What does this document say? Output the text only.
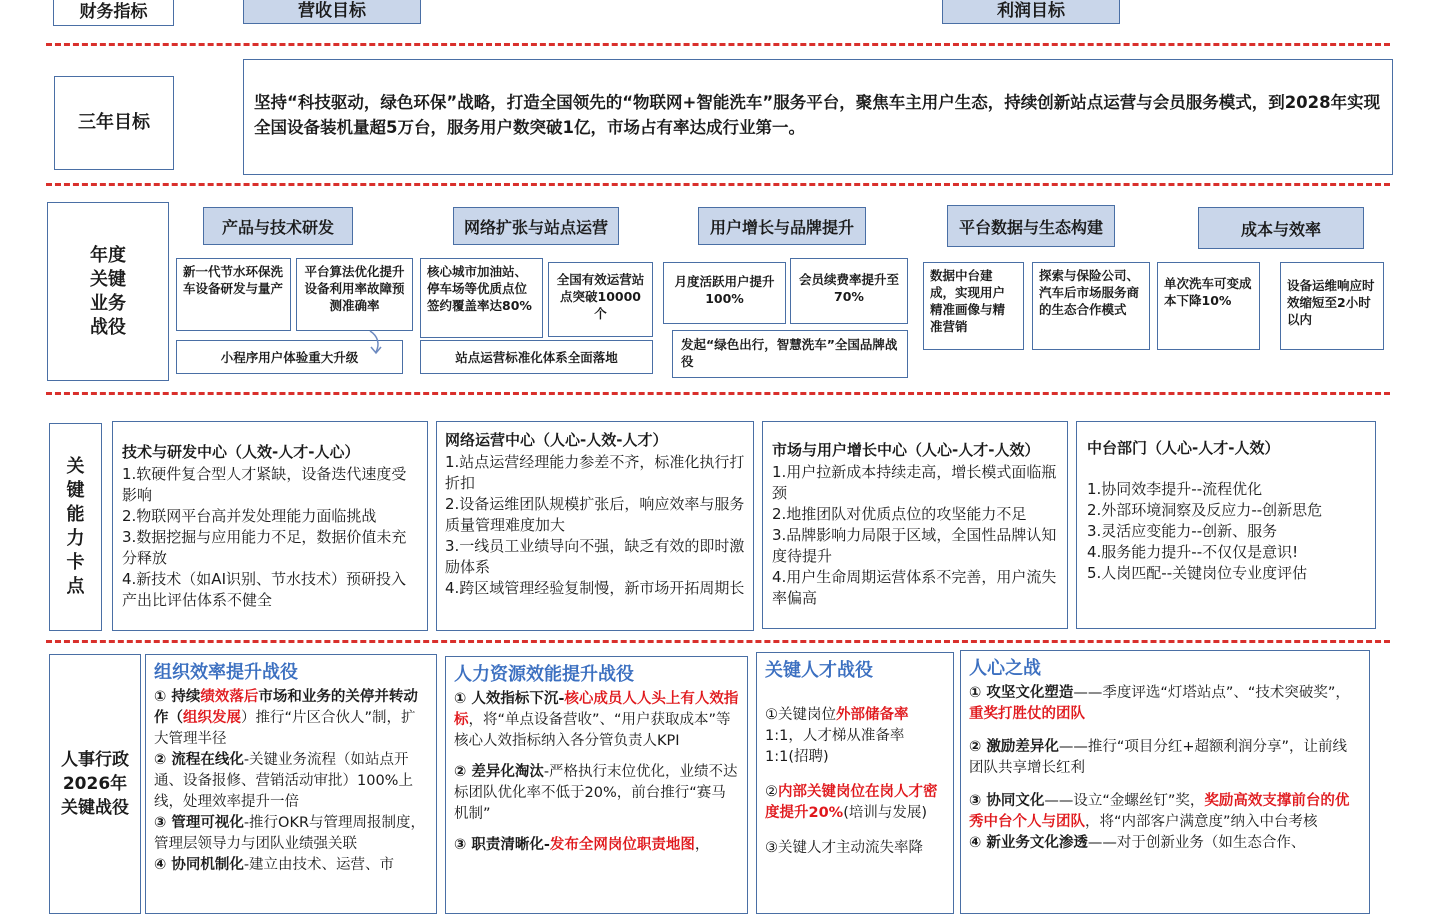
财务指标	营收目标	利润目标
三年目标
坚持“科技驱动，绿色环保”战略，打造全国领先的“物联网+智能洗车”服务平台，聚焦车主用户生态，持续创新站点运营与会员服务模式，到2028年实现全国设备装机量超5万台，服务用户数突破1亿，市场占有率达成行业第一。
年度
关键
业务
战役
产品与技术研发
新一代节水环保洗车设备研发与量产
平台算法优化提升设备利用率故障预测准确率
小程序用户体验重大升级
网络扩张与站点运营
核心城市加油站、停车场等优质点位签约覆盖率达80%
全国有效运营站点突破10000个
站点运营标准化体系全面落地
用户增长与品牌提升
月度活跃用户提升100%
会员续费率提升至70%
发起“绿色出行，智慧洗车”全国品牌战役
平台数据与生态构建
数据中台建成，实现用户精准画像与精准营销
探索与保险公司、汽车后市场服务商的生态合作模式
成本与效率
单次洗车可变成本下降10%
设备运维响应时效缩短至2小时以内
关
键
能
力
卡
点
技术与研发中心（人效-人才-人心）
1.软硬件复合型人才紧缺，设备迭代速度受影响
2.物联网平台高并发处理能力面临挑战
3.数据挖掘与应用能力不足，数据价值未充分释放
4.新技术（如AI识别、节水技术）预研投入产出比评估体系不健全
网络运营中心（人心-人效-人才）
1.站点运营经理能力参差不齐，标准化执行打折扣
2.设备运维团队规模扩张后，响应效率与服务质量管理难度加大
3.一线员工业绩导向不强，缺乏有效的即时激励体系
4.跨区域管理经验复制慢，新市场开拓周期长
市场与用户增长中心（人心-人才-人效）
1.用户拉新成本持续走高，增长模式面临瓶颈
2.地推团队对优质点位的攻坚能力不足
3.品牌影响力局限于区域，全国性品牌认知度待提升
4.用户生命周期运营体系不完善，用户流失率偏高
中台部门（人心-人才-人效）
1.协同效李提升--流程优化
2.外部环境洞察及反应力--创新思危
3.灵活应变能力--创新、服务
4.服务能力提升--不仅仅是意识!
5.人岗匹配--关键岗位专业度评估
人事行政
2026年
关键战役
组织效率提升战役
① 持续绩效落后市场和业务的关停并转动作（组织发展）推行“片区合伙人”制，扩大管理半径
② 流程在线化-关键业务流程（如站点开通、设备报修、营销活动审批）100%上线，处理效率提升一倍
③ 管理可视化-推行OKR与管理周报制度，管理层领导力与团队业绩强关联
④ 协同机制化-建立由技术、运营、市
人力资源效能提升战役
① 人效指标下沉-核心成员人人头上有人效指标，将“单点设备营收”、“用户获取成本”等核心人效指标纳入各分管负责人KPI
② 差异化淘汰-严格执行末位优化，业绩不达标团队优化率不低于20%，前台推行“赛马机制”
③ 职责清晰化-发布全网岗位职责地图，
关键人才战役
①关键岗位外部储备率1:1，人才梯从准备率1:1(招聘)
②内部关键岗位在岗人才密度提升20%(培训与发展)
③关键人才主动流失率降
人心之战
① 攻坚文化塑造——季度评选“灯塔站点”、“技术突破奖”，重奖打胜仗的团队
② 激励差异化——推行“项目分红+超额利润分享”，让前线团队共享增长红利
③ 协同文化——设立“金螺丝钉”奖，奖励高效支撑前台的优秀中台个人与团队，将“内部客户满意度”纳入中台考核
④ 新业务文化渗透——对于创新业务（如生态合作、
